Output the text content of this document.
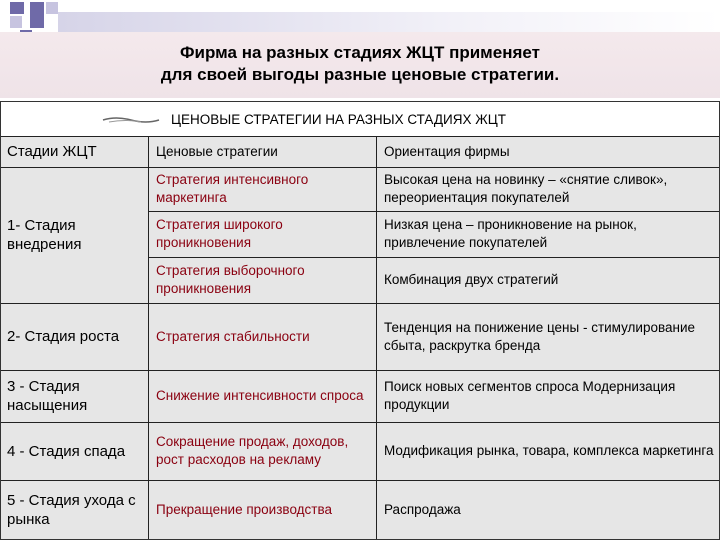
Фирма на разных стадиях ЖЦТ применяет
для своей выгоды разные ценовые стратегии.
ЦЕНОВЫЕ СТРАТЕГИИ НА РАЗНЫХ СТАДИЯХ ЖЦТ
Стадии ЖЦТ	Ценовые стратегии	Ориентация фирмы
1- Стадия внедрения
2- Стадия роста
3 - Стадия насыщения
4 - Стадия спада
5 - Стадия ухода с рынка
Стратегия интенсивного маркетинга
Стратегия широкого проникновения
Стратегия выборочного проникновения
Стратегия стабильности
Снижение интенсивности спроса
Сокращение продаж, доходов, рост расходов на рекламу
Прекращение производства
Высокая цена на новинку – «снятие сливок», переориентация покупателей
Низкая цена – проникновение на рынок, привлечение покупателей
Комбинация двух стратегий
Тенденция на понижение цены - стимулирование сбыта, раскрутка бренда
Поиск новых сегментов спроса Модернизация продукции
Модификация рынка, товара, комплекса маркетинга
Распродажа
